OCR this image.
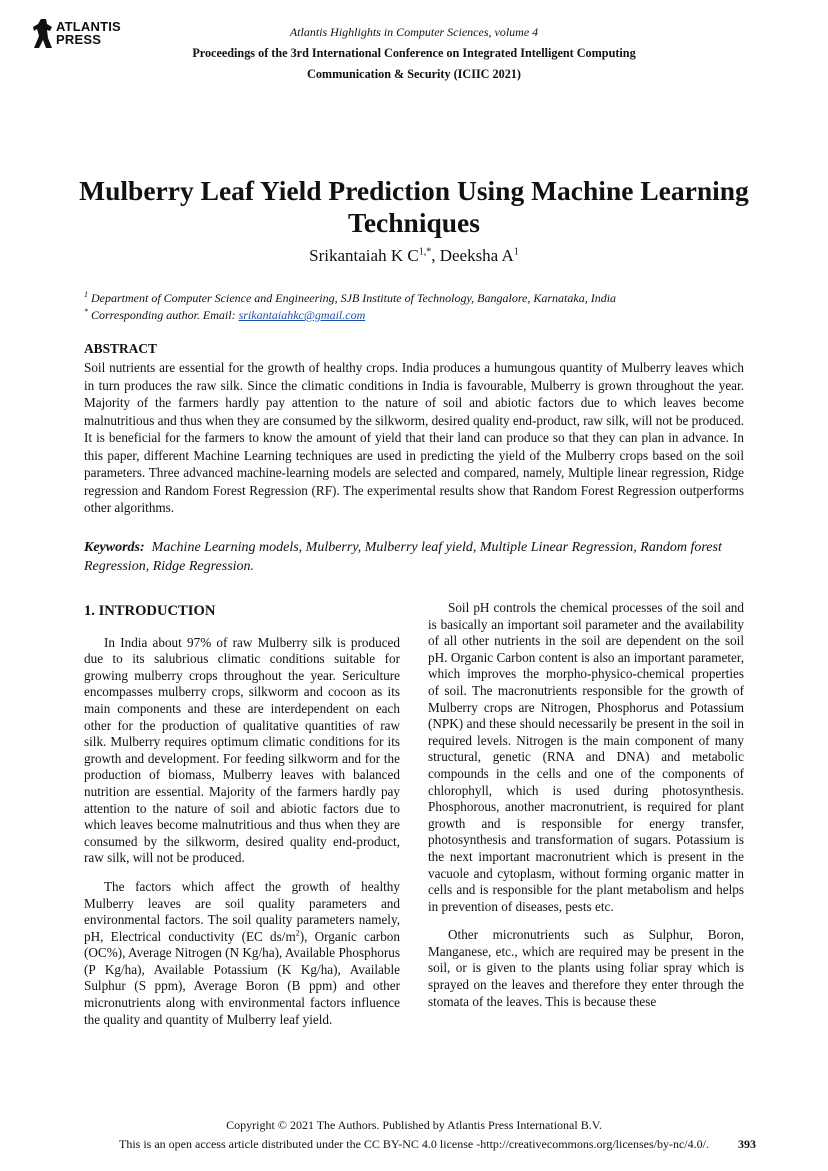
ATLANTIS
PRESS	Atlantis Highlights in Computer Sciences, volume 4
Proceedings of the 3rd International Conference on Integrated Intelligent Computing
Communication & Security (ICIIC 2021)
Mulberry Leaf Yield Prediction Using Machine Learning Techniques
Srikantaiah K $C^{1,*}$, Deeksha $A^1$
$^1$ Department of Computer Science and Engineering, SJB Institute of Technology, Bangalore, Karnataka, India
* Corresponding author. Email: srikantaiahkc@gmail.com
ABSTRACT

Soil nutrients are essential for the growth of healthy crops. India produces a humungous quantity of Mulberry leaves which in turn produces the raw silk. Since the climatic conditions in India is favourable, Mulberry is grown throughout the year. Majority of the farmers hardly pay attention to the nature of soil and abiotic factors due to which leaves become malnutritious and thus when they are consumed by the silkworm, desired quality end-product, raw silk, will not be produced. It is beneficial for the farmers to know the amount of yield that their land can produce so that they can plan in advance. In this paper, different Machine Learning techniques are used in predicting the yield of the Mulberry crops based on the soil parameters. Three advanced machine-learning models are selected and compared, namely, Multiple linear regression, Ridge regression and Random Forest Regression (RF). The experimental results show that Random Forest Regression outperforms other algorithms.

Keywords: Machine Learning models, Mulberry, Mulberry leaf yield, Multiple Linear Regression, Random forest Regression, Ridge Regression.

1. INTRODUCTION

In India about 97% of raw Mulberry silk is produced due to its salubrious climatic conditions suitable for growing mulberry crops throughout the year. Sericulture encompasses mulberry crops, silkworm and cocoon as its main components and these are interdependent on each other for the production of qualitative quantities of raw silk. Mulberry requires optimum climatic conditions for its growth and development. For feeding silkworm and for the production of biomass, Mulberry leaves with balanced nutrition are essential. Majority of the farmers hardly pay attention to the nature of soil and abiotic factors due to which leaves become malnutritious and thus when they are consumed by the silkworm, desired quality end-product, raw silk, will not be produced.

The factors which affect the growth of healthy Mulberry leaves are soil quality parameters and environmental factors. The soil quality parameters namely, pH, Electrical conductivity (EC $ds/m^2$), Organic carbon (OC%), Average Nitrogen (N Kg/ha), Available Phosphorus (P Kg/ha), Available Potassium (K Kg/ha), Available Sulphur (S ppm), Average Boron (B ppm) and other micronutrients along with environmental factors influence the quality and quantity of Mulberry leaf yield.

Soil pH controls the chemical processes of the soil and is basically an important soil parameter and the availability of all other nutrients in the soil are dependent on the soil pH. Organic Carbon content is also an important parameter, which improves the morpho-physico-chemical properties of soil. The macronutrients responsible for the growth of Mulberry crops are Nitrogen, Phosphorus and Potassium (NPK) and these should necessarily be present in the soil in required levels. Nitrogen is the main component of many structural, genetic (RNA and DNA) and metabolic compounds in the cells and one of the components of chlorophyll, which is used during photosynthesis. Phosphorous, another macronutrient, is required for plant growth and is responsible for energy transfer, photosynthesis and transformation of sugars. Potassium is the next important macronutrient which is present in the vacuole and cytoplasm, without forming organic matter in cells and is responsible for the plant metabolism and helps in prevention of diseases, pests etc.

Other micronutrients such as Sulphur, Boron, Manganese, etc., which are required may be present in the soil, or is given to the plants using foliar spray which is sprayed on the leaves and therefore they enter through the stomata of the leaves. This is because these

Copyright © 2021 The Authors. Published by Atlantis Press International B.V.
This is an open access article distributed under the CC BY-NC 4.0 license -http://creativecommons.org/licenses/by-nc/4.0/.	393
